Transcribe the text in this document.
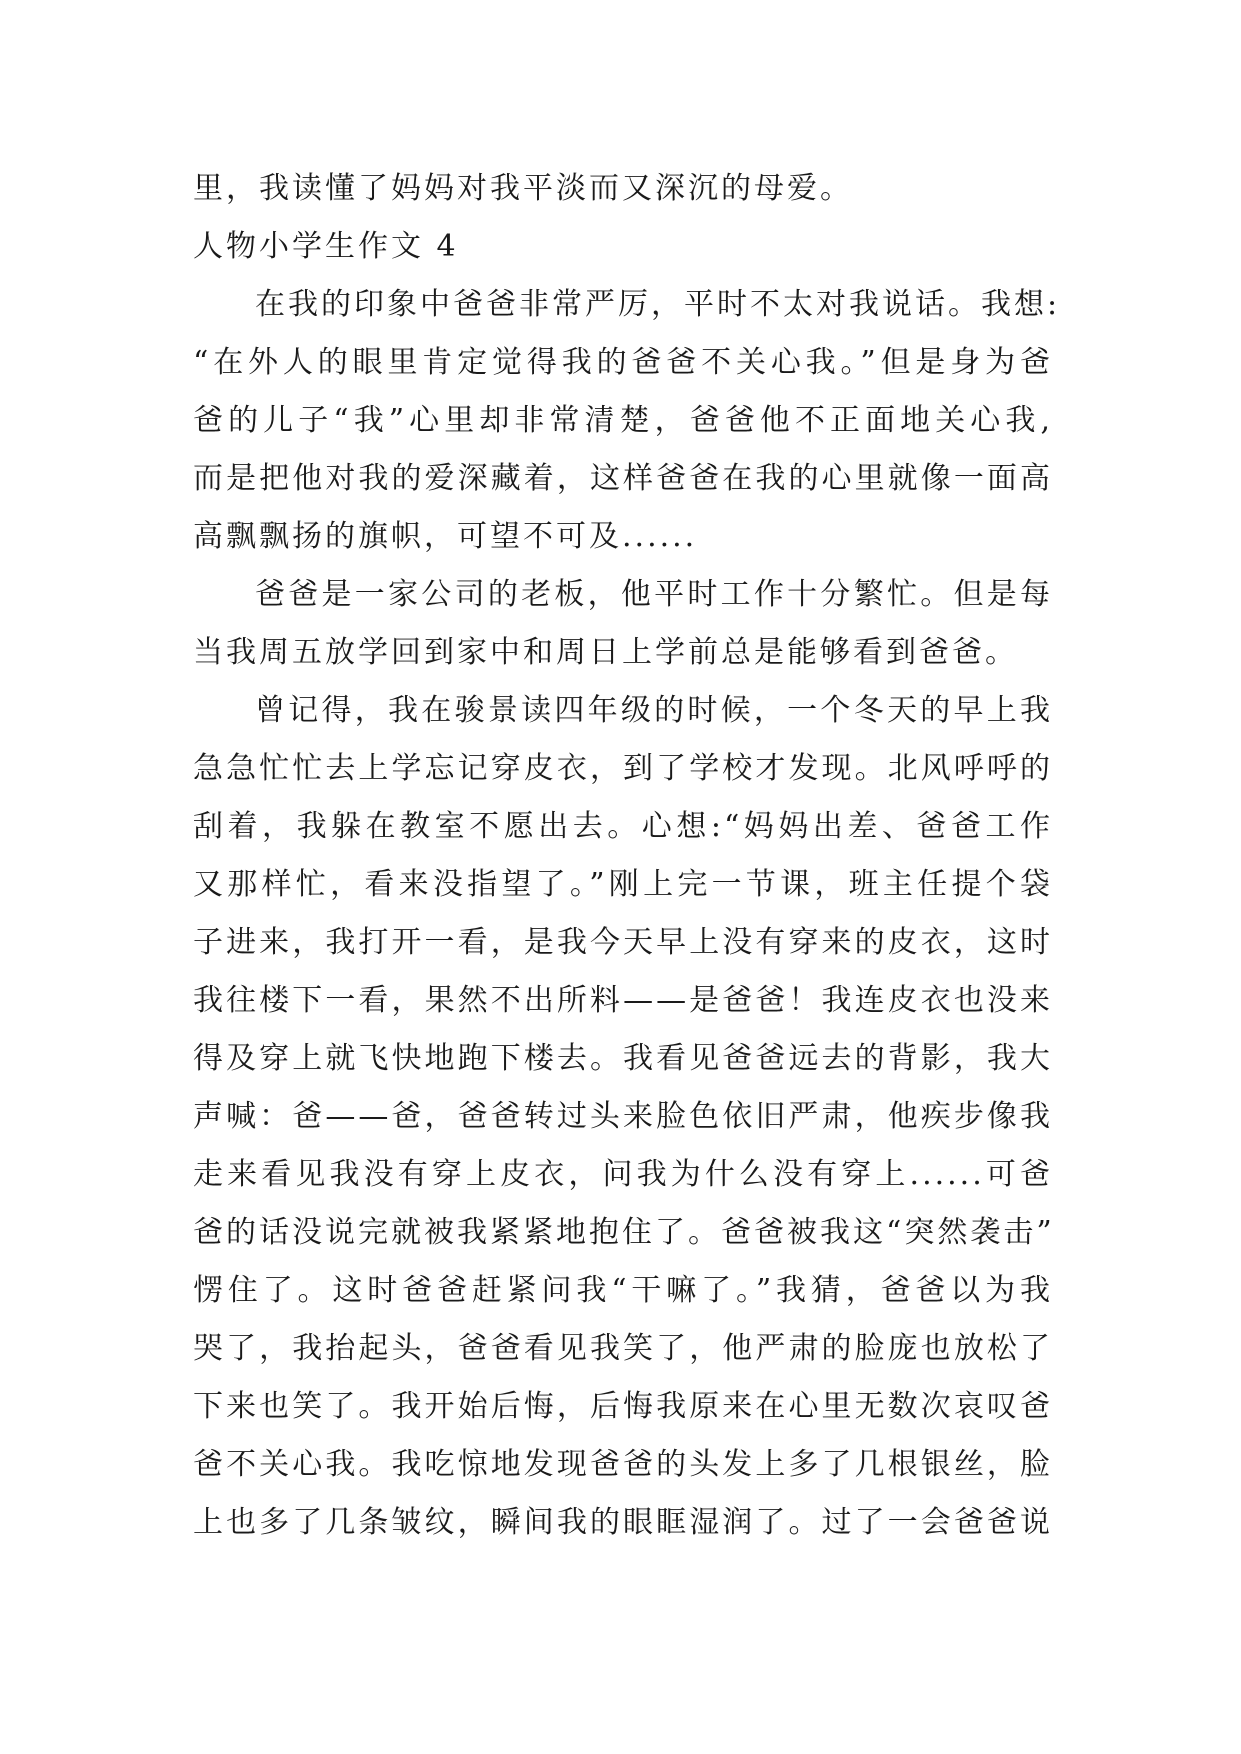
里，我读懂了妈妈对我平淡而又深沉的母爱。
人物小学生作文 4
在我的印象中爸爸非常严厉，平时不太对我说话。我想:
“在外人的眼里肯定觉得我的爸爸不关心我。”但是身为爸
爸的儿子“我”心里却非常清楚，爸爸他不正面地关心我,
而是把他对我的爱深藏着，这样爸爸在我的心里就像一面高
高飘飘扬的旗帜，可望不可及......
爸爸是一家公司的老板，他平时工作十分繁忙。但是每
当我周五放学回到家中和周日上学前总是能够看到爸爸。
曾记得，我在骏景读四年级的时候，一个冬天的早上我
急急忙忙去上学忘记穿皮衣，到了学校才发现。北风呼呼的
刮着，我躲在教室不愿出去。心想:“妈妈出差、爸爸工作
又那样忙，看来没指望了。”刚上完一节课，班主任提个袋
子进来，我打开一看，是我今天早上没有穿来的皮衣，这时
我往楼下一看，果然不出所料——是爸爸！我连皮衣也没来
得及穿上就飞快地跑下楼去。我看见爸爸远去的背影，我大
声喊：爸——爸，爸爸转过头来脸色依旧严肃，他疾步像我
走来看见我没有穿上皮衣，问我为什么没有穿上......可爸
爸的话没说完就被我紧紧地抱住了。爸爸被我这“突然袭击”
愣住了。这时爸爸赶紧问我“干嘛了。”我猜，爸爸以为我
哭了，我抬起头，爸爸看见我笑了，他严肃的脸庞也放松了
下来也笑了。我开始后悔，后悔我原来在心里无数次哀叹爸
爸不关心我。我吃惊地发现爸爸的头发上多了几根银丝，脸
上也多了几条皱纹，瞬间我的眼眶湿润了。过了一会爸爸说
